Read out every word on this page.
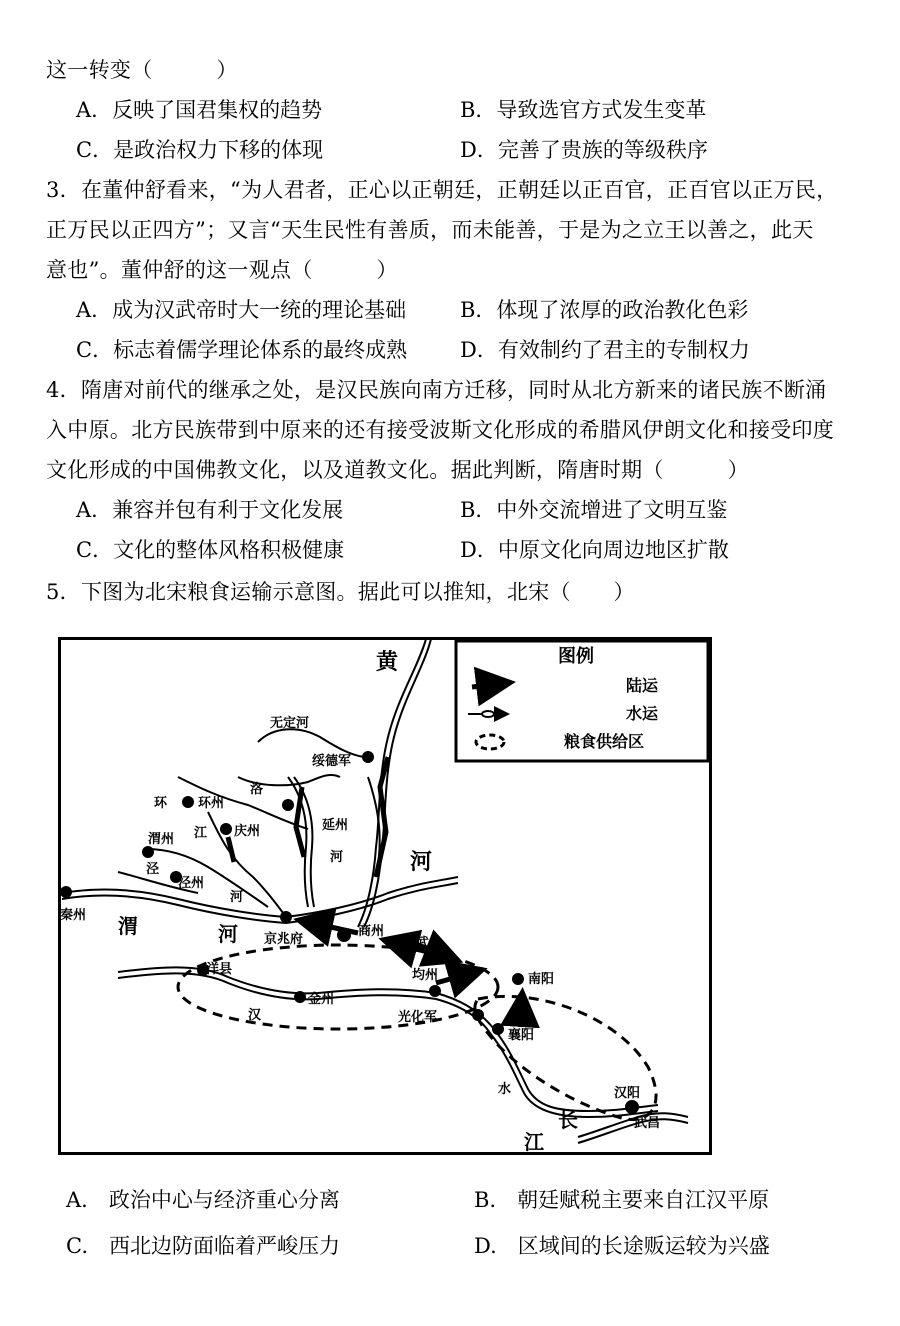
这一转变（　　　）
A．反映了国君集权的趋势	B．导致选官方式发生变革
C．是政治权力下移的体现	D．完善了贵族的等级秩序
3．在董仲舒看来，“为人君者，正心以正朝廷，正朝廷以正百官，正百官以正万民，
正万民以正四方”；又言“天生民性有善质，而未能善，于是为之立王以善之，此天
意也”。董仲舒的这一观点（　　　）
A．成为汉武帝时大一统的理论基础	B．体现了浓厚的政治教化色彩
C．标志着儒学理论体系的最终成熟	D．有效制约了君主的专制权力
4．隋唐对前代的继承之处，是汉民族向南方迁移，同时从北方新来的诸民族不断涌
入中原。北方民族带到中原来的还有接受波斯文化形成的希腊风伊朗文化和接受印度
文化形成的中国佛教文化，以及道教文化。据此判断，隋唐时期（　　　）
A．兼容并包有利于文化发展	B．中外交流增进了文明互鉴
C．文化的整体风格积极健康	D．中原文化向周边地区扩散
5．下图为北宋粮食运输示意图。据此可以推知，北宋（　　）
图例
陆运
水运
粮食供给区
黄
河
无定河
绥德军
洛
环 环州
延州
河
渭州 江 庆州
泾
泾州
河
秦州 渭	河 京兆府
商州
武关
均州	南阳
洋县
金州
汉	光化军
襄阳
水	汉阳
长
江
武昌
A.　政治中心与经济重心分离	B.　朝廷赋税主要来自江汉平原
C.　西北边防面临着严峻压力	D.　区域间的长途贩运较为兴盛
